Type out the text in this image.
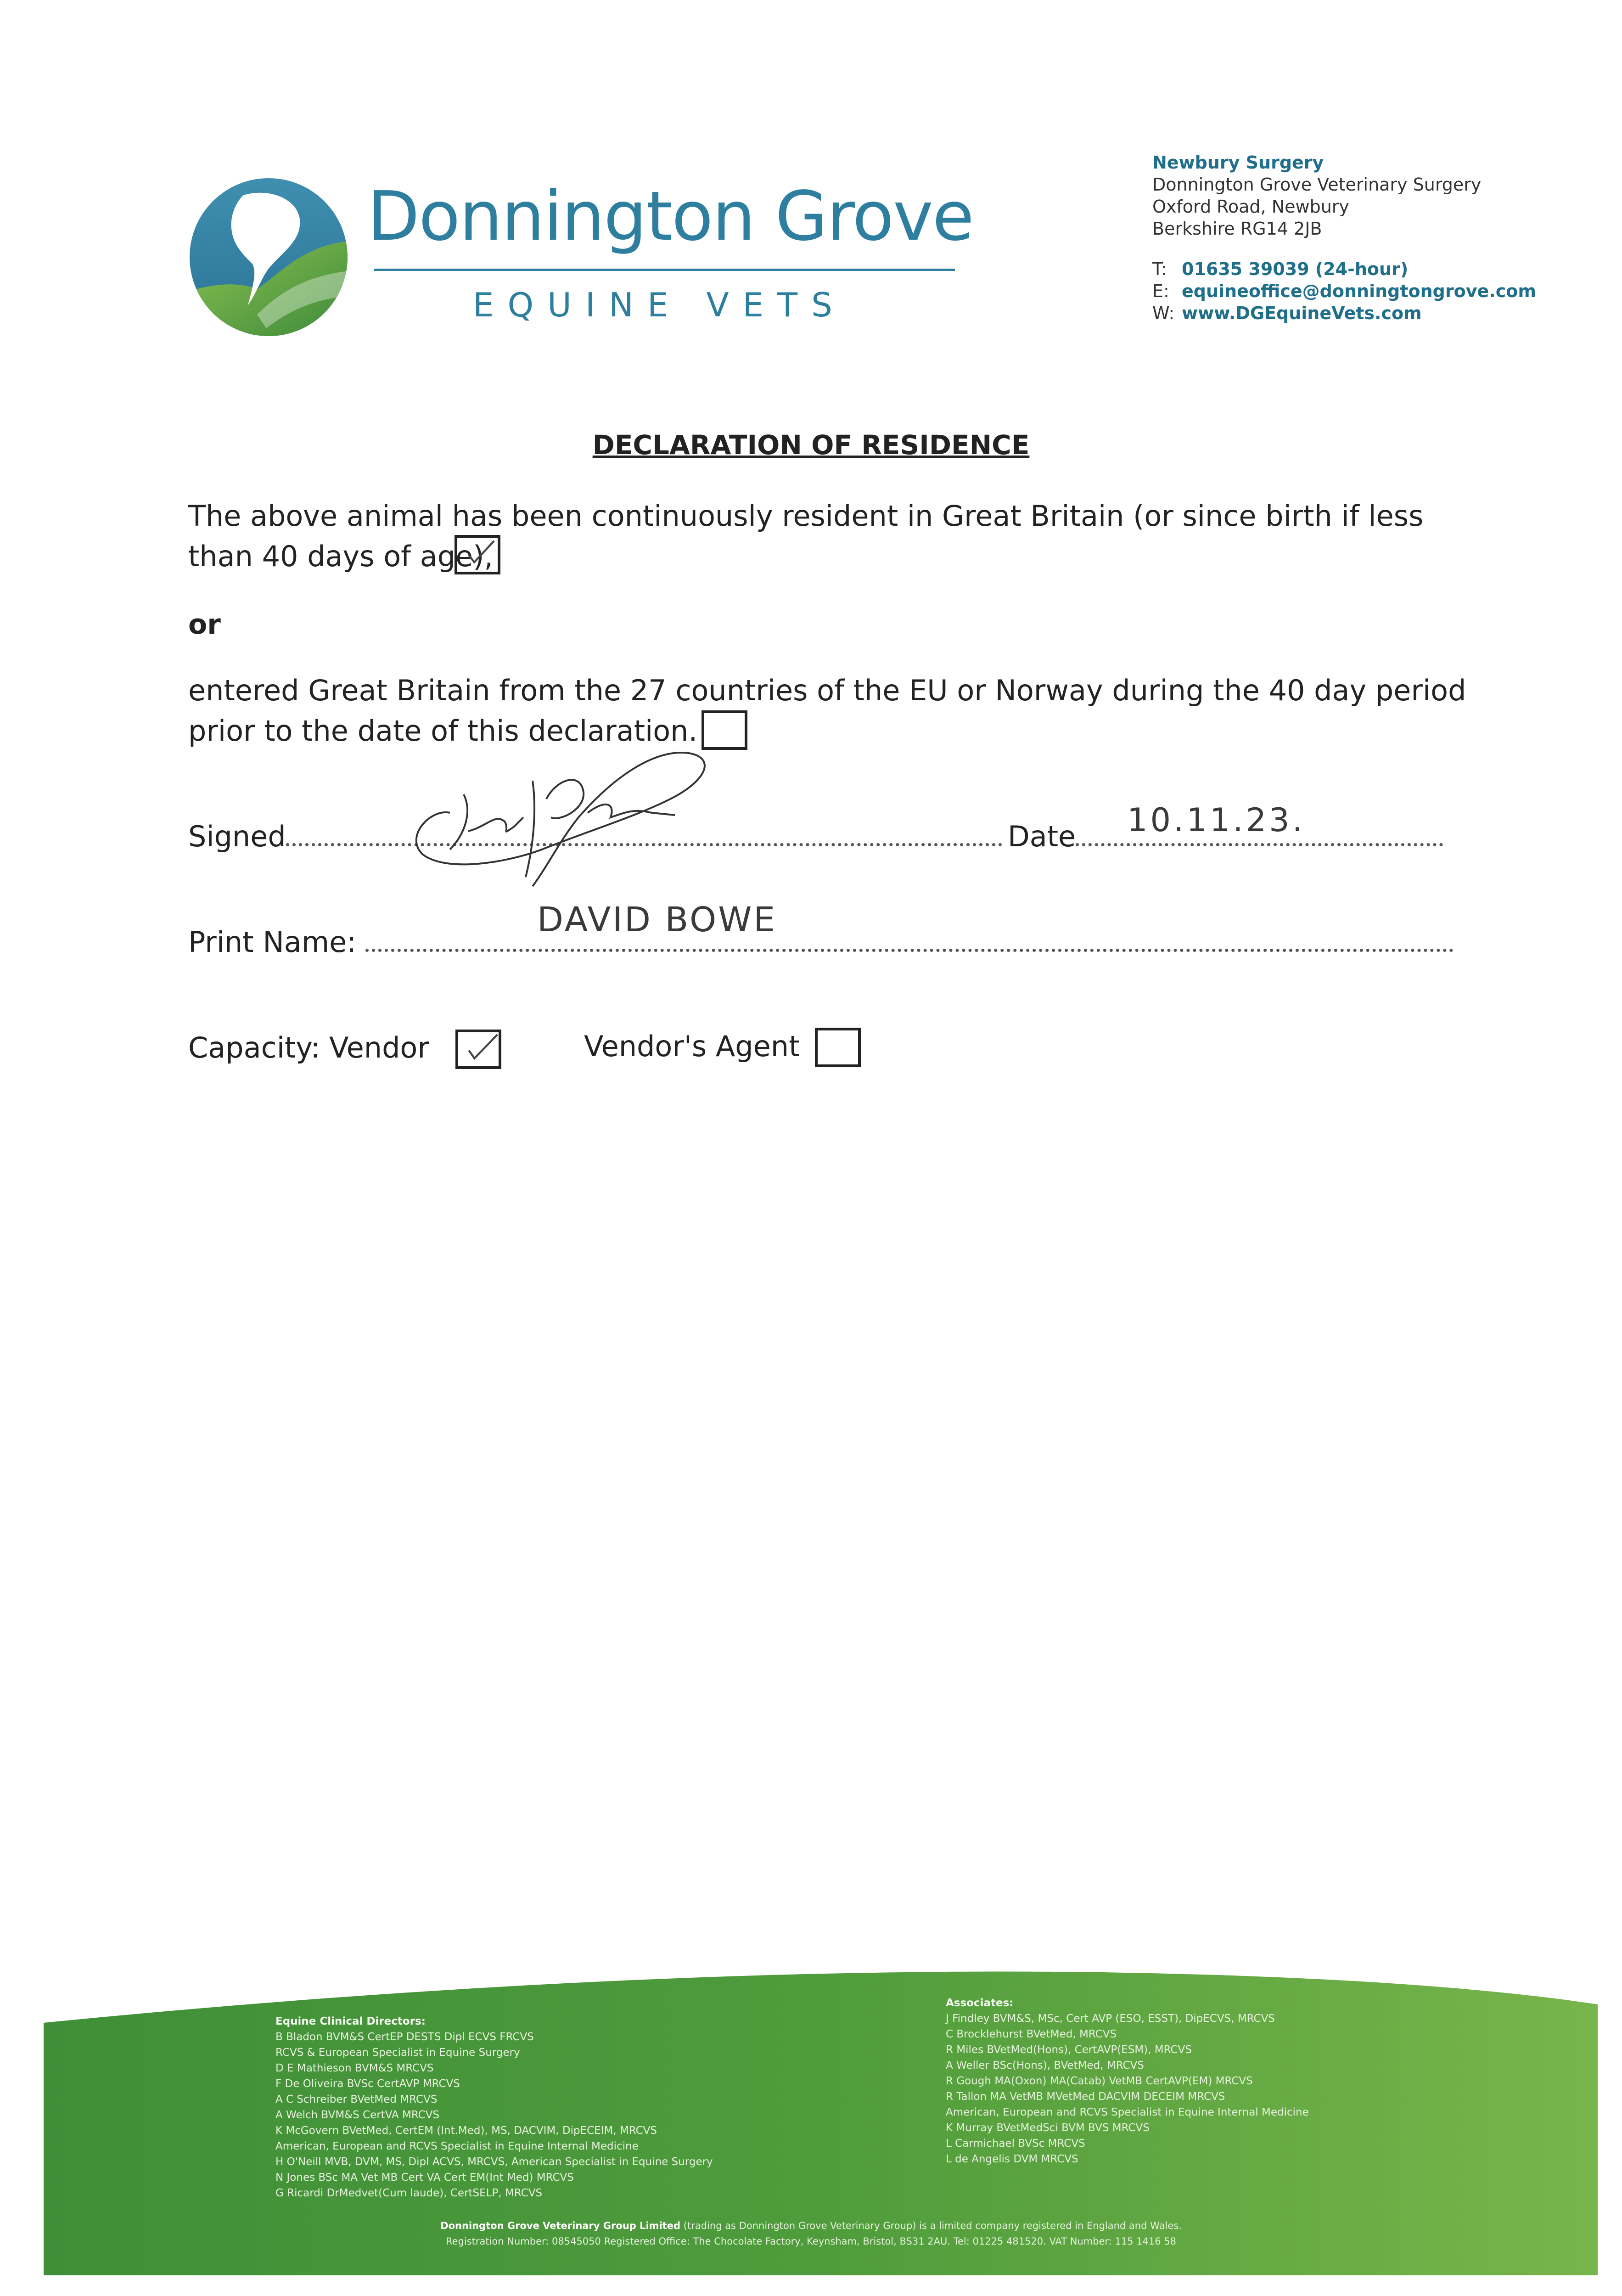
Donnington Grove
EQUINE VETS
Newbury Surgery
Donnington Grove Veterinary Surgery
Oxford Road, Newbury
Berkshire RG14 2JB
T: 01635 39039 (24-hour)
E: equineoffice@donningtongrove.com
W: www.DGEquineVets.com
DECLARATION OF RESIDENCE
The above animal has been continuously resident in Great Britain (or since birth if less than 40 days of age),
or
entered Great Britain from the 27 countries of the EU or Norway during the 40 day period prior to the date of this declaration.
Signed	Date	10.11.23.
Print Name:
DAVID BOWE
Capacity: Vendor	Vendor's Agent
Equine Clinical Directors:
B Bladon BVM&S CertEP DESTS Dipl ECVS FRCVS
RCVS & European Specialist in Equine Surgery
D E Mathieson BVM&S MRCVS
F De Oliveira BVSc CertAVP MRCVS
A C Schreiber BVetMed MRCVS
A Welch BVM&S CertVA MRCVS
K McGovern BVetMed, CertEM (Int.Med), MS, DACVIM, DipECEIM, MRCVS
American, European and RCVS Specialist in Equine Internal Medicine
H O'Neill MVB, DVM, MS, Dipl ACVS, MRCVS, American Specialist in Equine Surgery
N Jones BSc MA Vet MB Cert VA Cert EM(Int Med) MRCVS
G Ricardi DrMedvet(Cum laude), CertSELP, MRCVS
Associates:
J Findley BVM&S, MSc, Cert AVP (ESO, ESST), DipECVS, MRCVS
C Brocklehurst BVetMed, MRCVS
R Miles BVetMed(Hons), CertAVP(ESM), MRCVS
A Weller BSc(Hons), BVetMed, MRCVS
R Gough MA(Oxon) MA(Catab) VetMB CertAVP(EM) MRCVS
R Tallon MA VetMB MVetMed DACVIM DECEIM MRCVS
American, European and RCVS Specialist in Equine Internal Medicine
K Murray BVetMedSci BVM BVS MRCVS
L Carmichael BVSc MRCVS
L de Angelis DVM MRCVS
Donnington Grove Veterinary Group Limited (trading as Donnington Grove Veterinary Group) is a limited company registered in England and Wales.
Registration Number: 08545050 Registered Office: The Chocolate Factory, Keynsham, Bristol, BS31 2AU. Tel: 01225 481520. VAT Number: 115 1416 58
